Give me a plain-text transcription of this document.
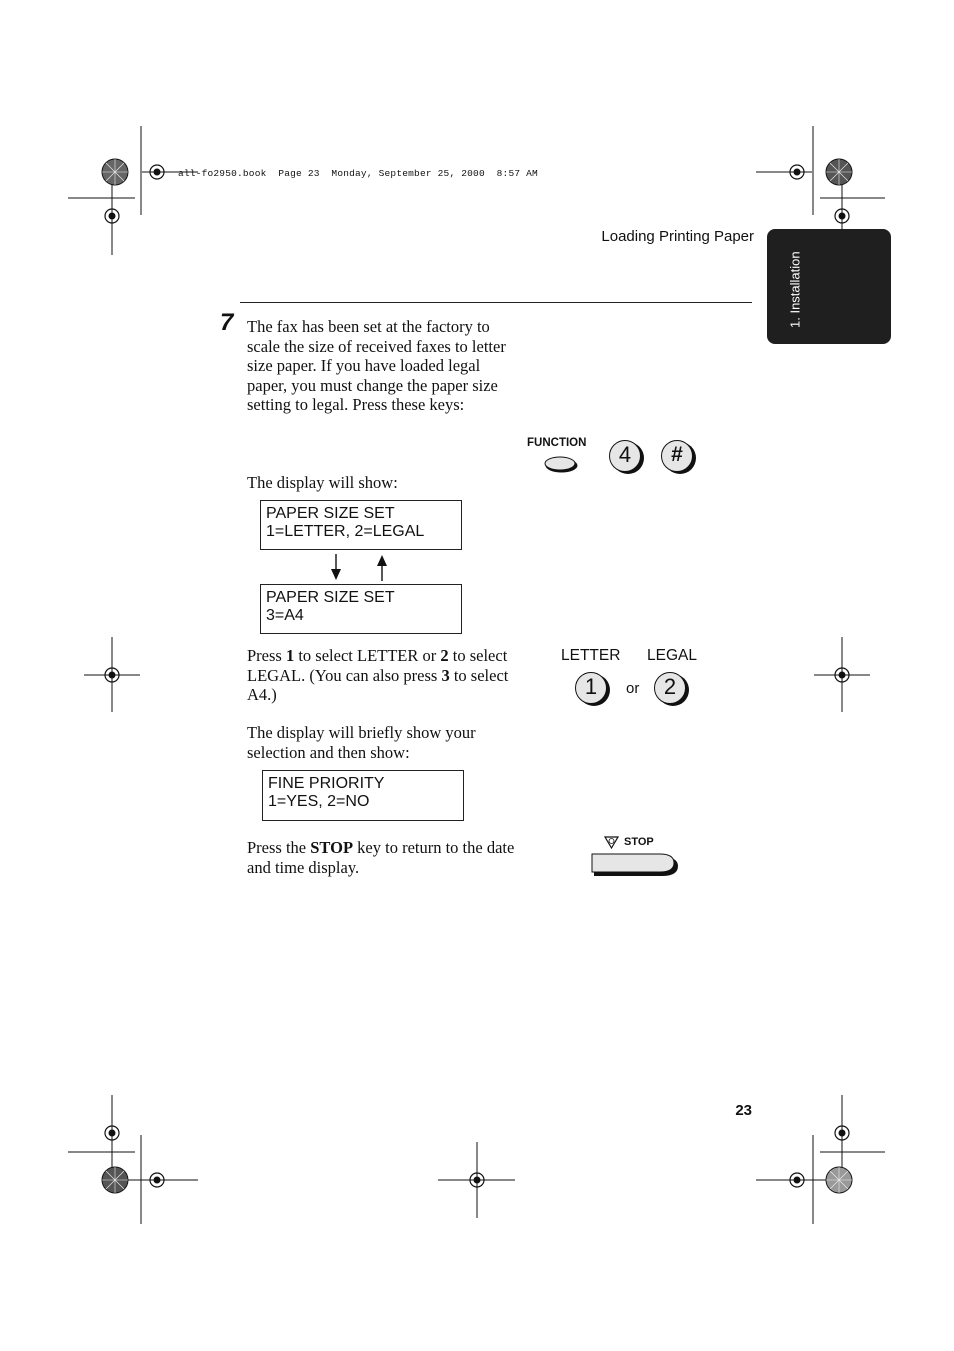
all-fo2950.book  Page 23  Monday, September 25, 2000  8:57 AM
Loading Printing Paper
1. Installation
7 The fax has been set at the factory to scale the size of received faxes to letter size paper. If you have loaded legal paper, you must change the paper size setting to legal. Press these keys:
The display will show:
PAPER SIZE SET
1=LETTER, 2=LEGAL
PAPER SIZE SET
3=A4
Press 1 to select LETTER or 2 to select LEGAL. (You can also press 3 to select A4.)
The display will briefly show your selection and then show:
FINE PRIORITY
1=YES, 2=NO
Press the STOP key to return to the date and time display.
FUNCTION	4	#
LETTER LEGAL
1	or	2
STOP
23
